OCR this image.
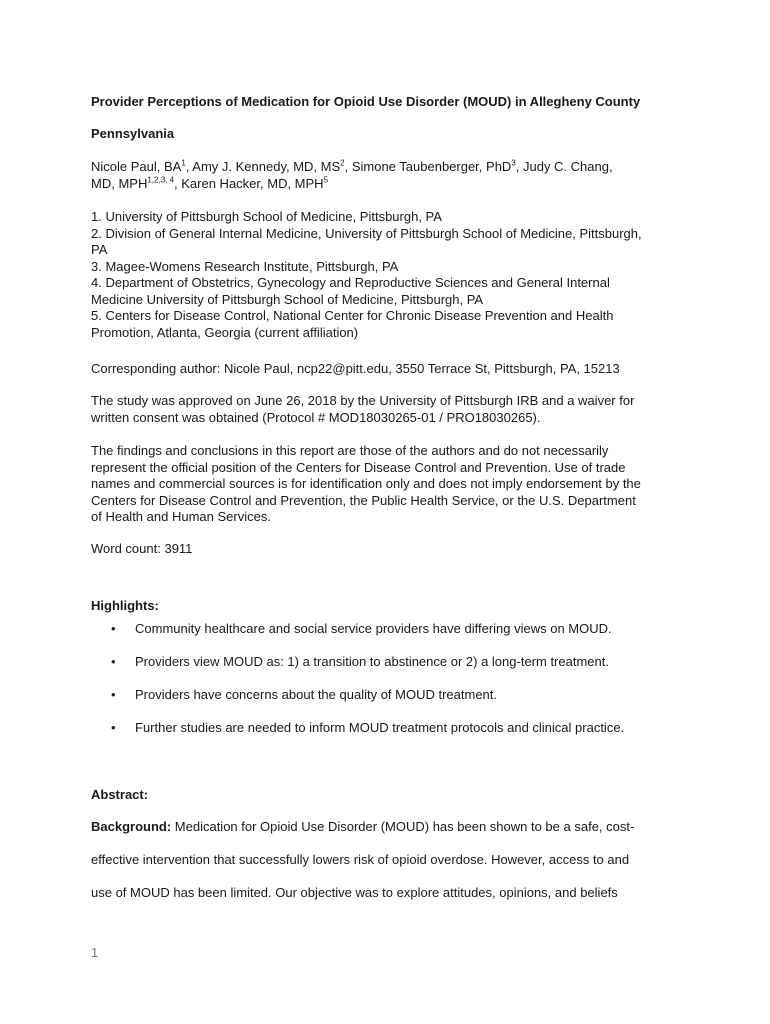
Provider Perceptions of Medication for Opioid Use Disorder (MOUD) in Allegheny County

Pennsylvania

Nicole Paul, $BA^1$, Amy J. Kennedy, MD, $MS^2$, Simone Taubenberger, PhD$^3$, Judy C. Chang,
MD, MPH$^{1,2,3, 4}$, Karen Hacker, MD, MPH$^5$

1. University of Pittsburgh School of Medicine, Pittsburgh, PA
2. Division of General Internal Medicine, University of Pittsburgh School of Medicine, Pittsburgh,
PA
3. Magee-Womens Research Institute, Pittsburgh, PA
4. Department of Obstetrics, Gynecology and Reproductive Sciences and General Internal
Medicine University of Pittsburgh School of Medicine, Pittsburgh, PA
5. Centers for Disease Control, National Center for Chronic Disease Prevention and Health
Promotion, Atlanta, Georgia (current affiliation)

Corresponding author: Nicole Paul, ncp22@pitt.edu, 3550 Terrace St, Pittsburgh, PA, 15213

The study was approved on June 26, 2018 by the University of Pittsburgh IRB and a waiver for
written consent was obtained (Protocol # MOD18030265-01 / PRO18030265).

The findings and conclusions in this report are those of the authors and do not necessarily
represent the official position of the Centers for Disease Control and Prevention. Use of trade
names and commercial sources is for identification only and does not imply endorsement by the
Centers for Disease Control and Prevention, the Public Health Service, or the U.S. Department
of Health and Human Services.

Word count: 3911

Highlights:

• Community healthcare and social service providers have differing views on MOUD.
• Providers view MOUD as: 1) a transition to abstinence or 2) a long-term treatment.
• Providers have concerns about the quality of MOUD treatment.
• Further studies are needed to inform MOUD treatment protocols and clinical practice.

Abstract:

Background: Medication for Opioid Use Disorder (MOUD) has been shown to be a safe, cost-
effective intervention that successfully lowers risk of opioid overdose. However, access to and
use of MOUD has been limited. Our objective was to explore attitudes, opinions, and beliefs

1
